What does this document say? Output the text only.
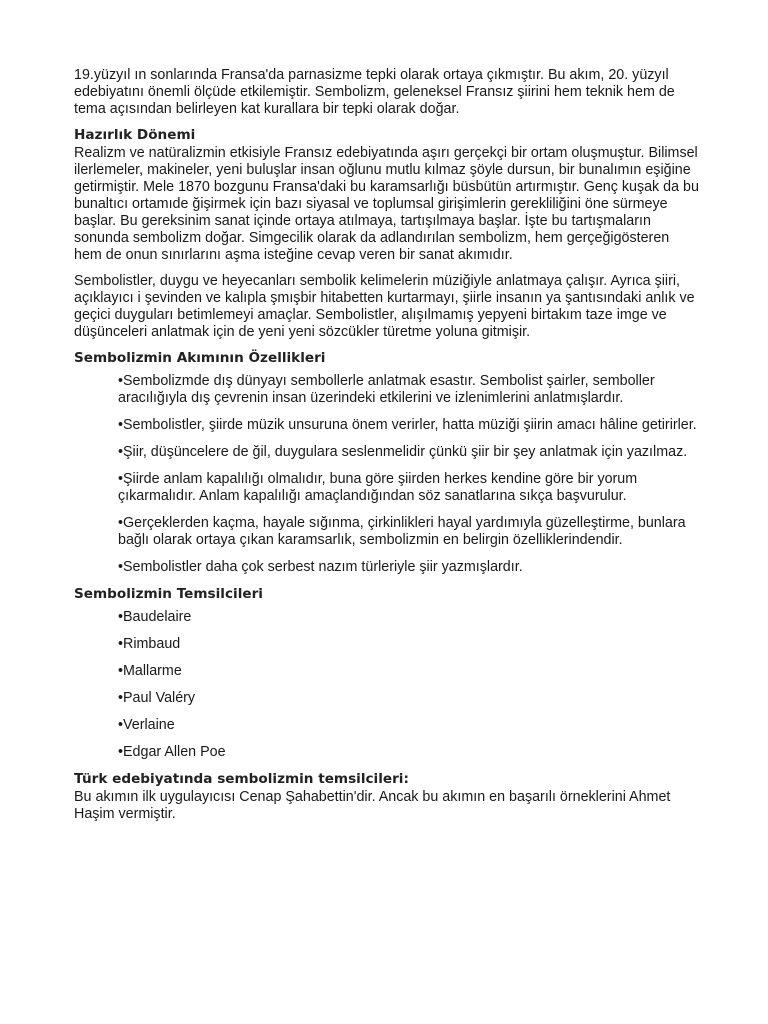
19.yüzyıl ın sonlarında Fransa'da parnasizme tepki olarak ortaya çıkmıştır. Bu akım, 20. yüzyıl edebiyatını önemli ölçüde etkilemiştir. Sembolizm, geleneksel Fransız şiirini hem teknik hem de tema açısından belirleyen kat kurallara bir tepki olarak doğar.

Hazırlık Dönemi

Realizm ve natüralizmin etkisiyle Fransız edebiyatında aşırı gerçekçi bir ortam oluşmuştur. Bilimsel ilerlemeler, makineler, yeni buluşlar insan oğlunu mutlu kılmaz şöyle dursun, bir bunalımın eşiğine getirmiştir. Mele 1870 bozgunu Fransa'daki bu karamsarlığı büsbütün artırmıştır. Genç kuşak da bu bunaltıcı ortamıde ğişirmek için bazı siyasal ve toplumsal girişimlerin gerekliliğini öne sürmeye başlar. Bu gereksinim sanat içinde ortaya atılmaya, tartışılmaya başlar. İşte bu tartışmaların sonunda sembolizm doğar. Simgecilik olarak da adlandırılan sembolizm, hem gerçeğigösteren hem de onun sınırlarını aşma isteğine cevap veren bir sanat akımıdır.

Sembolistler, duygu ve heyecanları sembolik kelimelerin müziğiyle anlatmaya çalışır. Ayrıca şiiri, açıklayıcı i şevinden ve kalıpla şmışbir hitabetten kurtarmayı, şiirle insanın ya şantısındaki anlık ve geçici duyguları betimlemeyi amaçlar. Sembolistler, alışılmamış yepyeni birtakım taze imge ve düşünceleri anlatmak için de yeni yeni sözcükler türetme yoluna gitmişir.

Sembolizmin Akımının Özellikleri
•Sembolizmde dış dünyayı sembollerle anlatmak esastır. Sembolist şairler, semboller aracılığıyla dış çevrenin insan üzerindeki etkilerini ve izlenimlerini anlatmışlardır.
•Sembolistler, şiirde müzik unsuruna önem verirler, hatta müziği şiirin amacı hâline getirirler.
•Şiir, düşüncelere de ğil, duygulara seslenmelidir çünkü şiir bir şey anlatmak için yazılmaz.
•Şiirde anlam kapalılığı olmalıdır, buna göre şiirden herkes kendine göre bir yorum çıkarmalıdır. Anlam kapalılığı amaçlandığından söz sanatlarına sıkça başvurulur.
•Gerçeklerden kaçma, hayale sığınma, çirkinlikleri hayal yardımıyla güzelleştirme, bunlara bağlı olarak ortaya çıkan karamsarlık, sembolizmin en belirgin özelliklerindendir.
•Sembolistler daha çok serbest nazım türleriyle şiir yazmışlardır.
Sembolizmin Temsilcileri
•Baudelaire
•Rimbaud
•Mallarme
•Paul Valéry
•Verlaine
•Edgar Allen Poe
Türk edebiyatında sembolizmin temsilcileri:

Bu akımın ilk uygulayıcısı Cenap Şahabettin'dir. Ancak bu akımın en başarılı örneklerini Ahmet Haşim vermiştir.
